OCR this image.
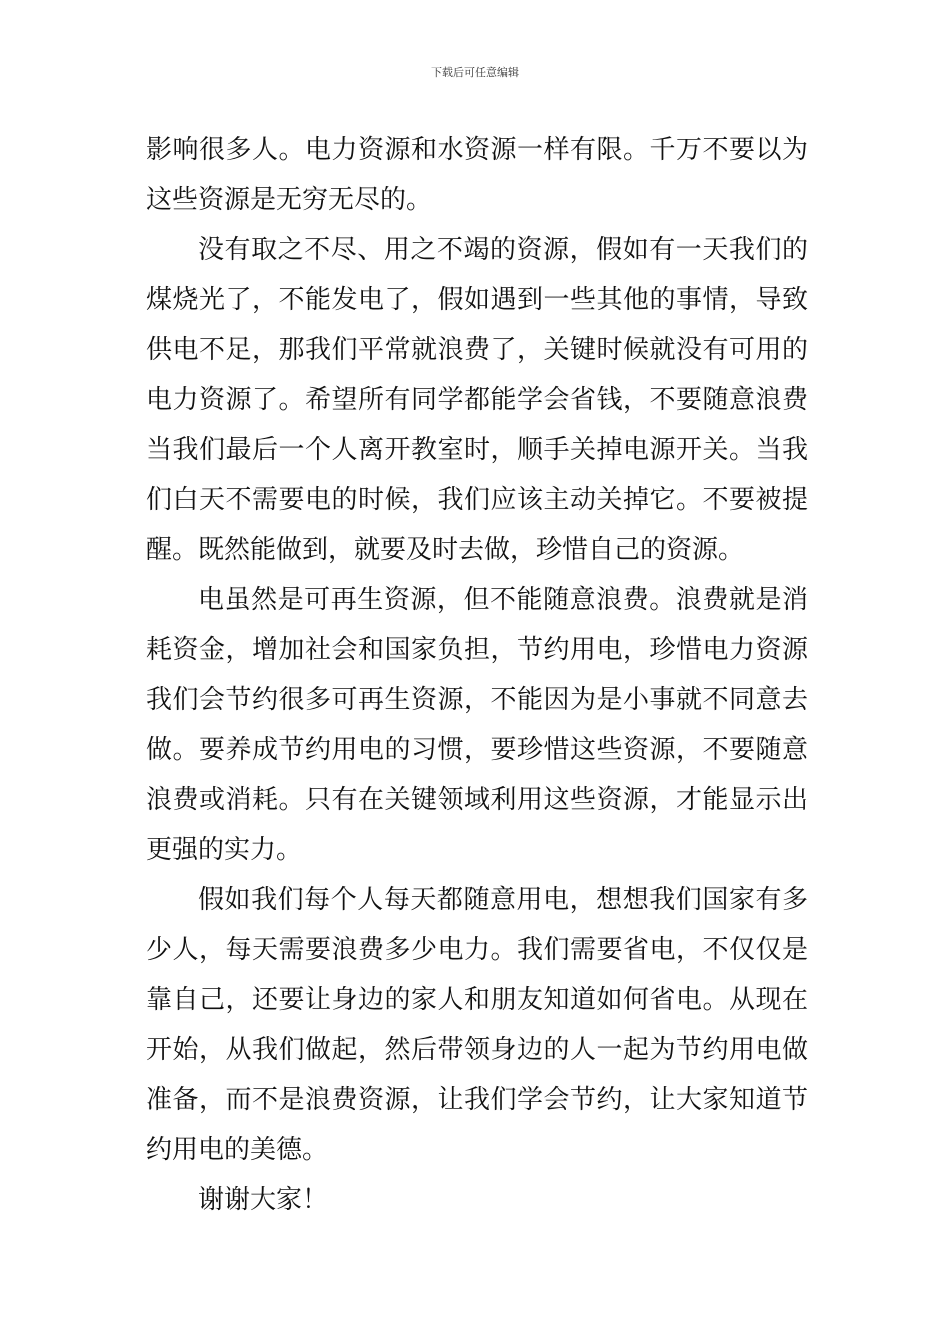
下载后可任意编辑
影响很多人。电力资源和水资源一样有限。千万不要以为
这些资源是无穷无尽的。
没有取之不尽、用之不竭的资源，假如有一天我们的
煤烧光了，不能发电了，假如遇到一些其他的事情，导致
供电不足，那我们平常就浪费了，关键时候就没有可用的
电力资源了。希望所有同学都能学会省钱，不要随意浪费
当我们最后一个人离开教室时，顺手关掉电源开关。当我
们白天不需要电的时候，我们应该主动关掉它。不要被提
醒。既然能做到，就要及时去做，珍惜自己的资源。
电虽然是可再生资源，但不能随意浪费。浪费就是消
耗资金，增加社会和国家负担，节约用电，珍惜电力资源
我们会节约很多可再生资源，不能因为是小事就不同意去
做。要养成节约用电的习惯，要珍惜这些资源，不要随意
浪费或消耗。只有在关键领域利用这些资源，才能显示出
更强的实力。
假如我们每个人每天都随意用电，想想我们国家有多
少人，每天需要浪费多少电力。我们需要省电，不仅仅是
靠自己，还要让身边的家人和朋友知道如何省电。从现在
开始，从我们做起，然后带领身边的人一起为节约用电做
准备，而不是浪费资源，让我们学会节约，让大家知道节
约用电的美德。
谢谢大家！
